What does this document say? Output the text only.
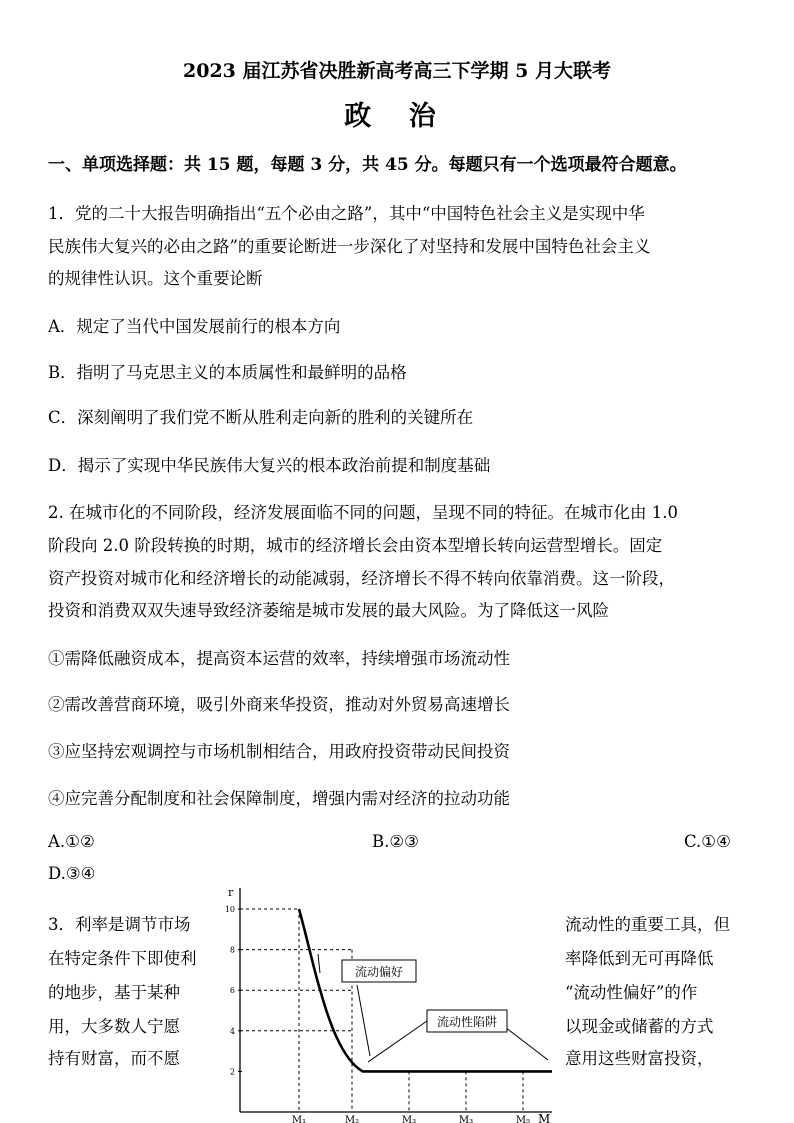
2023 届江苏省决胜新高考高三下学期 5 月大联考
政 治
一、单项选择题：共 15 题，每题 3 分，共 45 分。每题只有一个选项最符合题意。
1．党的二十大报告明确指出“五个必由之路”，其中“中国特色社会主义是实现中华
民族伟大复兴的必由之路”的重要论断进一步深化了对坚持和发展中国特色社会主义
的规律性认识。这个重要论断
A．规定了当代中国发展前行的根本方向
B．指明了马克思主义的本质属性和最鲜明的品格
C．深刻阐明了我们党不断从胜利走向新的胜利的关键所在
D．揭示了实现中华民族伟大复兴的根本政治前提和制度基础
2. 在城市化的不同阶段，经济发展面临不同的问题，呈现不同的特征。在城市化由 1.0
阶段向 2.0 阶段转换的时期，城市的经济增长会由资本型增长转向运营型增长。固定
资产投资对城市化和经济增长的动能减弱，经济增长不得不转向依靠消费。这一阶段，
投资和消费双双失速导致经济萎缩是城市发展的最大风险。为了降低这一风险
①需降低融资成本，提高资本运营的效率，持续增强市场流动性
②需改善营商环境，吸引外商来华投资，推动对外贸易高速增长
③应坚持宏观调控与市场机制相结合，用政府投资带动民间投资
④应完善分配制度和社会保障制度，增强内需对经济的拉动功能
A.①②	B.②③	C.①④
D.③④
3．利率是调节市场
在特定条件下即使利
的地步，基于某种
用，大多数人宁愿
持有财富，而不愿
流动性的重要工具，但
率降低到无可再降低
“流动性偏好”的作
以现金或储蓄的方式
意用这些财富投资，
r
M
10
8
6
4
2
M₁	M₂	M₃	M₃	M₅
流动偏好
流动性陷阱
